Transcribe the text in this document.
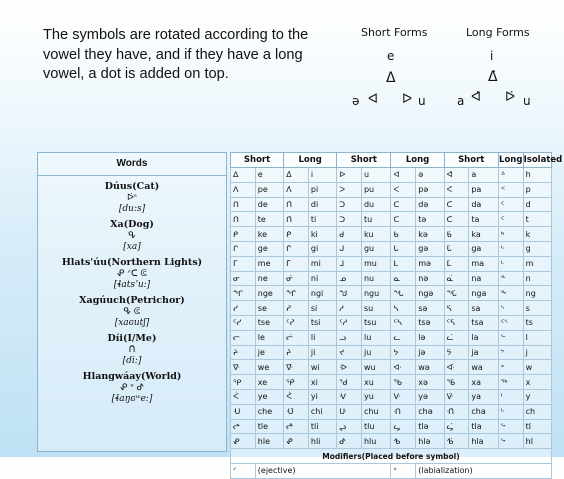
The symbols are rotated according to the vowel they have, and if they have a long vowel, a dot is added on top.
Short Forms	Long Forms
e
ᐃ
ə ᐊ ᐅ u
i
ᐃ̇
a ᐊ̇ ᐅ̇ u
Words
Dúus(Cat)
ᐅ̇ˢ
[du:s]
Xa(Dog)
ᕴ
[xa]
Hlats'úu(Northern Lights)
ᕵ ᐟᑕ ᕳ
[ɬatsʼu:]
Xagúuch(Petrichor)
ᕴ ᕳ
[xaɢutʃ]
Díi(I/Me)
ᑎ̇
[di:]
Hlangwáay(World)
ᕵ ᐡ ᕷ
[ɬaŋɢʷe:]
Short		Long		Short		Long		Short		Long	Isolated
ᐃ	e	ᐃ̇	i	ᐅ	u	ᐊ	ə	ᐊ̇	a	ᐞ	h
ᐱ	pe	ᐱ̇	pi	ᐳ	pu	ᐸ	pə	ᐸ̇	pa	ᑉ	p
ᑎ	de	ᑎ̇	di	ᑐ	du	ᑕ	də	ᑕ̇	da	ᑦ	d
ᑎ	te	ᑎ̇	ti	ᑐ	tu	ᑕ	tə	ᑕ̇	ta	ᑦ	t
ᑭ	ke	ᑭ̇	ki	ᑯ	ku	ᑲ	kə	ᑲ̇	ka	ᒃ	k
ᒋ	ge	ᒋ̇	gi	ᒍ	gu	ᒐ	gə	ᒐ̇	ga	ᒡ	g
ᒥ	me	ᒥ̇	mi	ᒧ	mu	ᒪ	mə	ᒪ̇	ma	ᒻ	m
ᓂ	ne	ᓂ̇	ni	ᓄ	nu	ᓇ	nə	ᓇ̇	na	ᓐ	n
ᖏ	nge	ᖏ̇	ngi	ᖑ	ngu	ᖓ	ngə	ᖓ̇	nga	ᖕ	ng
ᓯ	se	ᓯ̇	si	ᓱ	su	ᓴ	sə	ᓴ̇	sa	ᔅ	s
ᑦᓯ	tse	ᑦᓯ̇	tsi	ᑦᓱ	tsu	ᑦᓴ	tsə	ᑦᓴ̇	tsa	ᑦᔅ	ts
ᓕ	le	ᓕ̇	li	ᓗ	lu	ᓚ	lə	ᓚ̇	la	ᓪ	l
ᔨ	je	ᔨ̇	ji	ᔪ	ju	ᔭ	jə	ᔭ̇	ja	ᔾ	j
ᐍ	we	ᐍ̇	wi	ᐒ	wu	ᐘ	wə	ᐘ̇	wa	ᐤ	w
ᕿ	xe	ᕿ̇	xi	ᖁ	xu	ᖃ	xə	ᖃ̇	xa	ᖅ	x
ᐹ	ye	ᐹ̇	yi	ᐺ	yu	ᐻ	yə	ᐻ̇	ya	ᑊ	y
ᑗ	che	ᑗ̇	chi	ᑘ	chu	ᑙ	chə	ᑙ̇	cha	ᒡ	ch
ᖠ	tle	ᖠ̇	tli	ᖢ	tlu	ᖤ	tlə	ᖤ̇	tla	ᖦ	tl
ᕵ	hle	ᕵ̇	hli	ᕷ	hlu	ᕹ	hlə	ᕹ̇	hla	ᖦ	hl
Modifiers(Placed before symbol)											
ᐟ	(ejective)					ᐡ	(labialization)				
